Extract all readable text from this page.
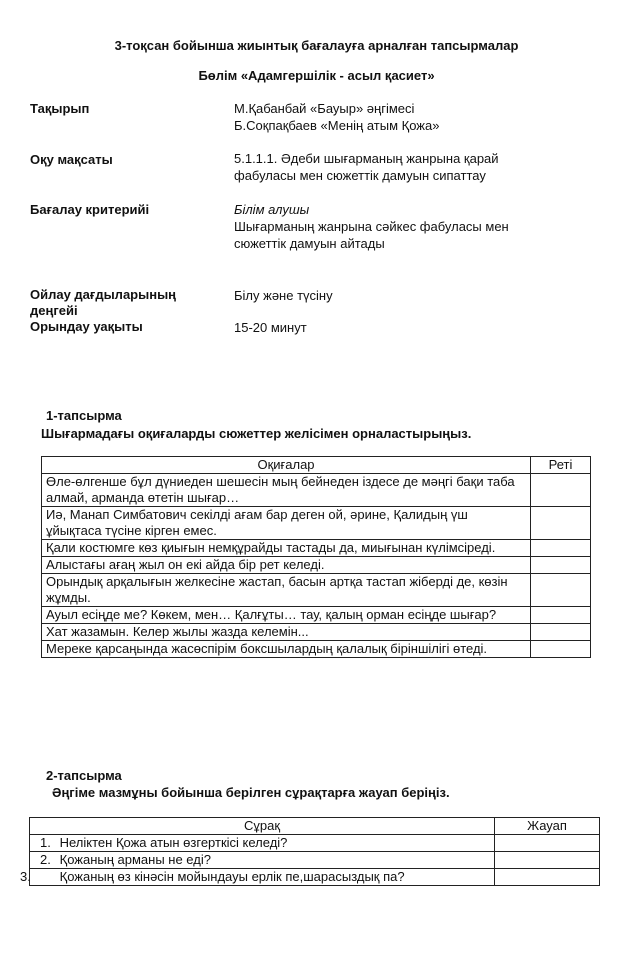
3-тоқсан бойынша жиынтық бағалауға арналған тапсырмалар
Бөлім «Адамгершілік - асыл қасиет»
Тақырып	М.Қабанбай «Бауыр» әңгімесі
Б.Соқпақбаев «Менің атым Қожа»
Оқу мақсаты	5.1.1.1. Әдеби шығарманың жанрына қарай
фабуласы мен сюжеттік дамуын сипаттау
Бағалау критерийі	Білім алушы
Шығарманың жанрына сәйкес фабуласы мен
сюжеттік дамуын айтады
Ойлау дағдыларының
деңгейі
Білу және түсіну
Орындау уақыты	15-20 минут
1-тапсырма
Шығармадағы оқиғаларды сюжеттер желісімен орналастырыңыз.
Оқиғалар	Реті
Өле-өлгенше бұл дүниеден шешесін мың бейнеден іздесе де мәңгі бақи таба алмай, арманда өтетін шығар…	
Иә, Манап Симбатович секілді ағам бар деген ой, әрине, Қалидың үш ұйықтаса түсіне кірген емес.	
Қали костюмге көз қиығын немқұрайды тастады да, миығынан күлімсіреді.	
Алыстағы ағаң жыл он екі айда бір рет келеді.	
Орындық арқалығын желкесіне жастап, басын артқа тастап жіберді де, көзін жұмды.	
Ауыл есіңде ме? Көкем, мен… Қалғұты… тау, қалың орман есіңде шығар?	
Хат жазамын. Келер жылы жазда келемін...	
Мереке қарсаңында жасөспірім боксшылардың қалалық біріншілігі өтеді.	
2-тапсырма
Әңгіме мазмұны бойынша берілген сұрақтарға жауап беріңіз.
Сұрақ	Жауап
1. Неліктен Қожа атын өзгерткісі келеді?	
2. Қожаның арманы не еді?	
3. Қожаның өз кінәсін мойындауы ерлік пе,шарасыздық па?	
